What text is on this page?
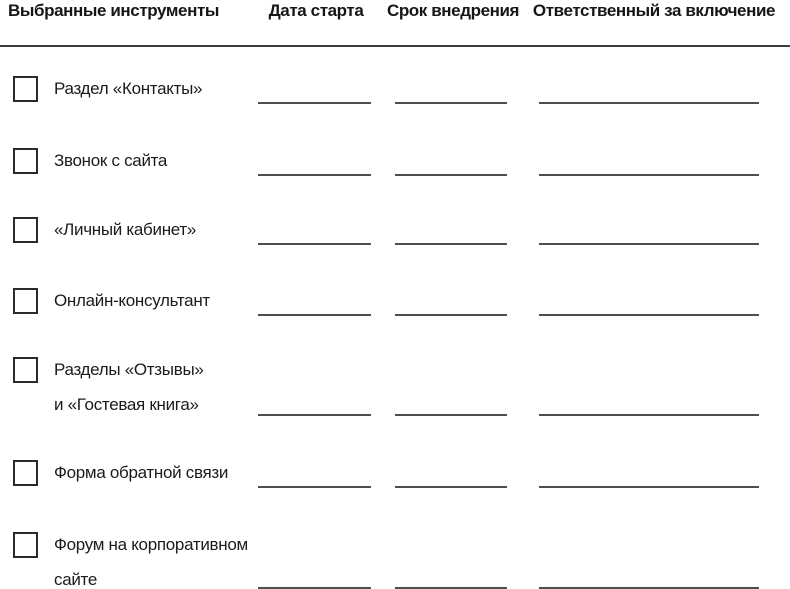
Выбранные инструменты	Дата старта Срок внедрения Ответственный за включение
Раздел «Контакты»
Звонок с сайта
«Личный кабинет»
Онлайн-консультант
Разделы «Отзывы»
и «Гостевая книга»
Форма обратной связи
Форум на корпоративном
сайте
